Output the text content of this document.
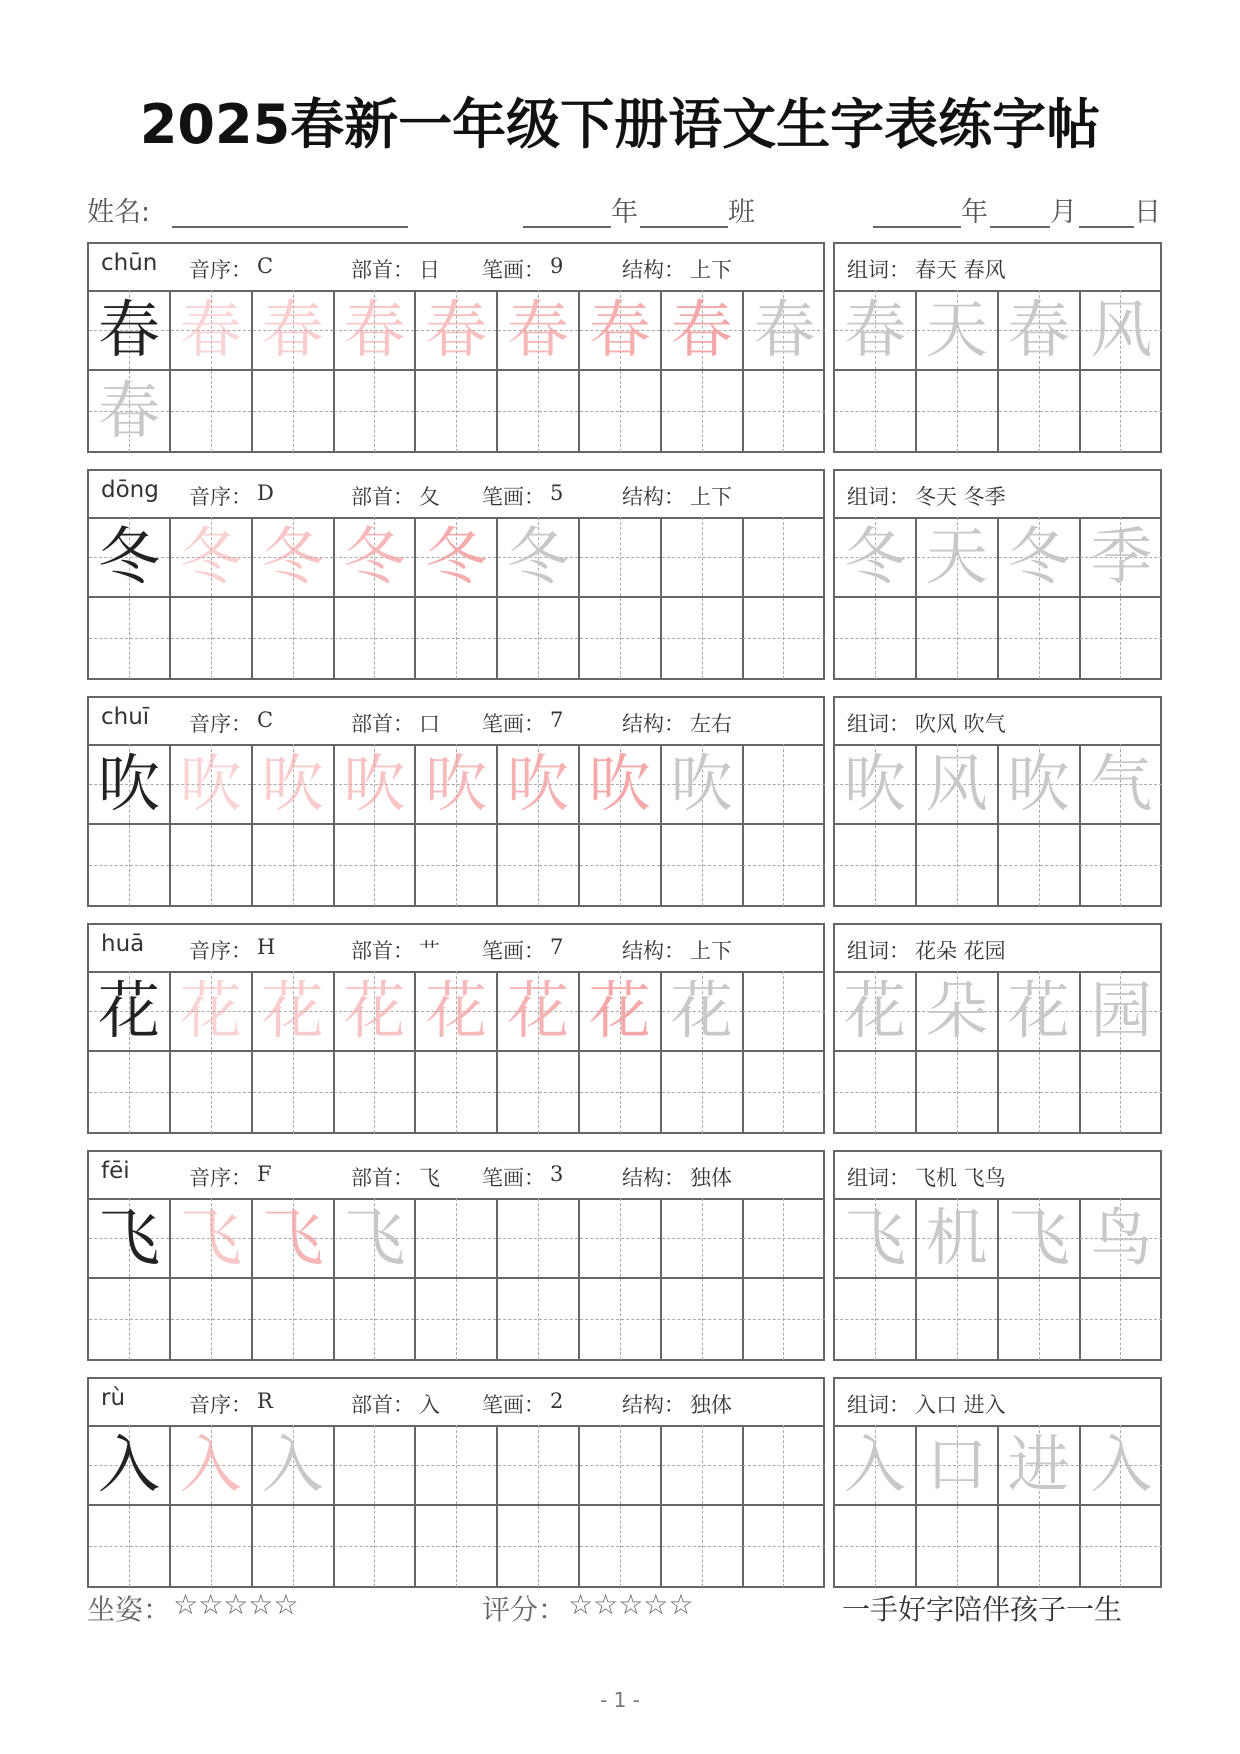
2025春新一年级下册语文生字表练字帖
姓名:	年	班	年 月 日
chūn 音序： C	部首： 日 笔画： 9	结构： 上下
春 春 春 春 春 春 春 春 春
春
组词： 春天 春风
春 天 春 风
dōng 音序： D	部首： 夂 笔画： 5	结构： 上下
冬 冬 冬 冬 冬 冬
组词： 冬天 冬季
冬 天 冬 季
chuī 音序： C	部首： 口 笔画： 7	结构： 左右
吹 吹 吹 吹 吹 吹 吹 吹
组词： 吹风 吹气
吹 风 吹 气
huā 音序： H	部首： 艹 笔画： 7	结构： 上下
花 花 花 花 花 花 花 花
组词： 花朵 花园
花 朵 花 园
fēi	音序： F	部首： 飞 笔画： 3	结构： 独体
飞 飞 飞 飞
组词： 飞机 飞鸟
飞 机 飞 鸟
rù	音序： R	部首： 入 笔画： 2	结构： 独体
入 入 入
组词： 入口 进入
入 口 进 入
坐姿： ☆☆☆☆☆	评分： ☆☆☆☆☆	一手好字陪伴孩子一生
- 1 -
